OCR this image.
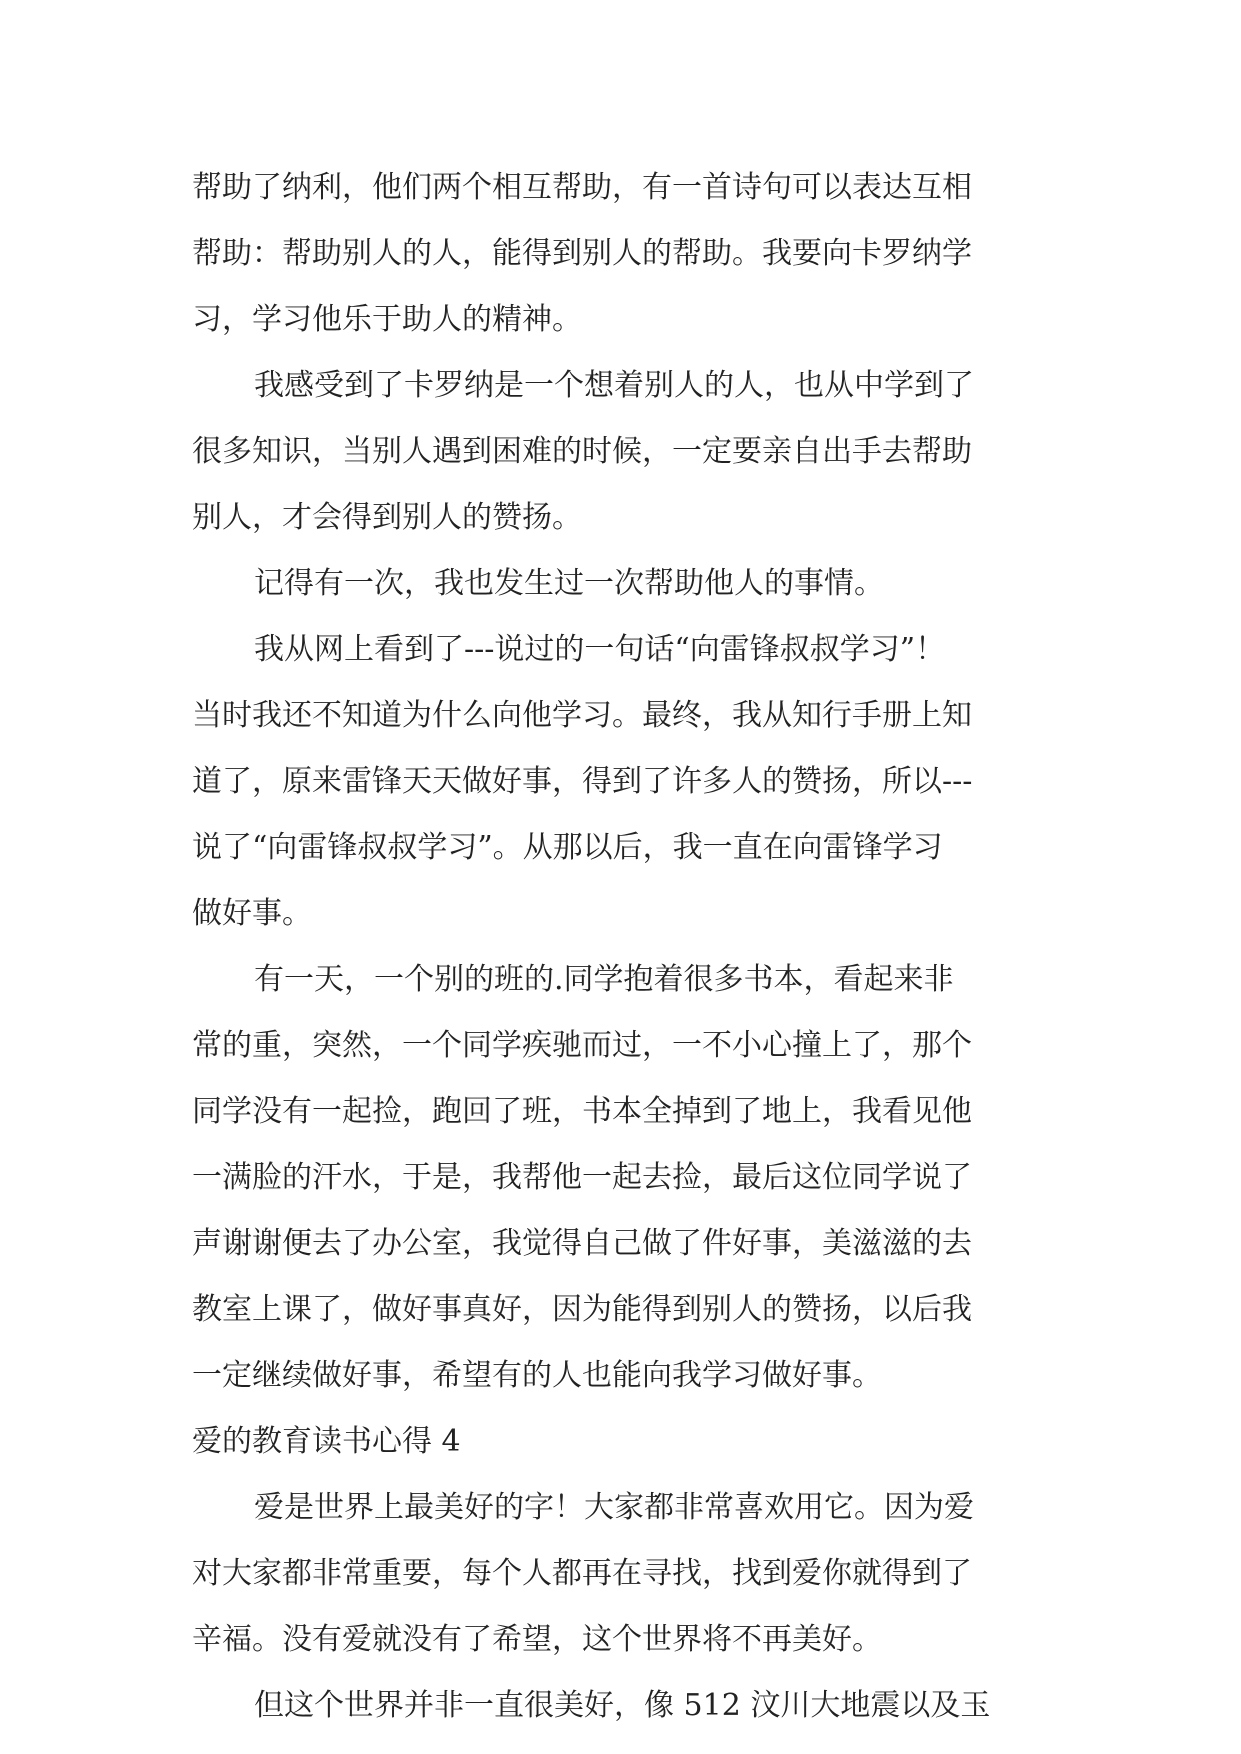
帮助了纳利，他们两个相互帮助，有一首诗句可以表达互相
帮助：帮助别人的人，能得到别人的帮助。我要向卡罗纳学
习，学习他乐于助人的精神。
我感受到了卡罗纳是一个想着别人的人，也从中学到了
很多知识，当别人遇到困难的时候，一定要亲自出手去帮助
别人，才会得到别人的赞扬。
记得有一次，我也发生过一次帮助他人的事情。
我从网上看到了---说过的一句话“向雷锋叔叔学习”！
当时我还不知道为什么向他学习。最终，我从知行手册上知
道了，原来雷锋天天做好事，得到了许多人的赞扬，所以---
说了“向雷锋叔叔学习”。从那以后，我一直在向雷锋学习
做好事。
有一天，一个别的班的.同学抱着很多书本，看起来非
常的重，突然，一个同学疾驰而过，一不小心撞上了，那个
同学没有一起捡，跑回了班，书本全掉到了地上，我看见他
一满脸的汗水，于是，我帮他一起去捡，最后这位同学说了
声谢谢便去了办公室，我觉得自己做了件好事，美滋滋的去
教室上课了，做好事真好，因为能得到别人的赞扬，以后我
一定继续做好事，希望有的人也能向我学习做好事。
爱的教育读书心得 4
爱是世界上最美好的字！大家都非常喜欢用它。因为爱
对大家都非常重要，每个人都再在寻找，找到爱你就得到了
辛福。没有爱就没有了希望，这个世界将不再美好。
但这个世界并非一直很美好，像 512 汶川大地震以及玉
